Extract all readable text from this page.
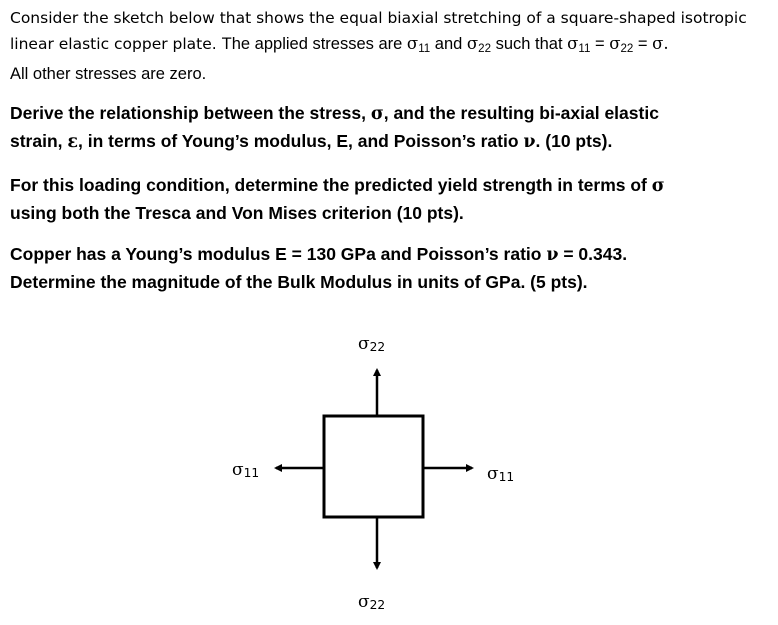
Consider the sketch below that shows the equal biaxial stretching of a square-shaped isotropic
linear elastic copper plate. The applied stresses are $\sigma_{11}$ and $\sigma_{22}$ such that $\sigma_{11} = \sigma_{22} = \sigma$.
All other stresses are zero.

Derive the relationship between the stress, σ, and the resulting bi-axial elastic
strain, ε, in terms of Young’s modulus, E, and Poisson’s ratio ν. (10 pts).

For this loading condition, determine the predicted yield strength in terms of σ
using both the Tresca and Von Mises criterion (10 pts).

Copper has a Young’s modulus E = 130 GPa and Poisson’s ratio ν = 0.343.
Determine the magnitude of the Bulk Modulus in units of GPa. (5 pts).

$\sigma_{22}$
$\sigma_{22}$
$\sigma_{11}$	$\sigma_{11}$
